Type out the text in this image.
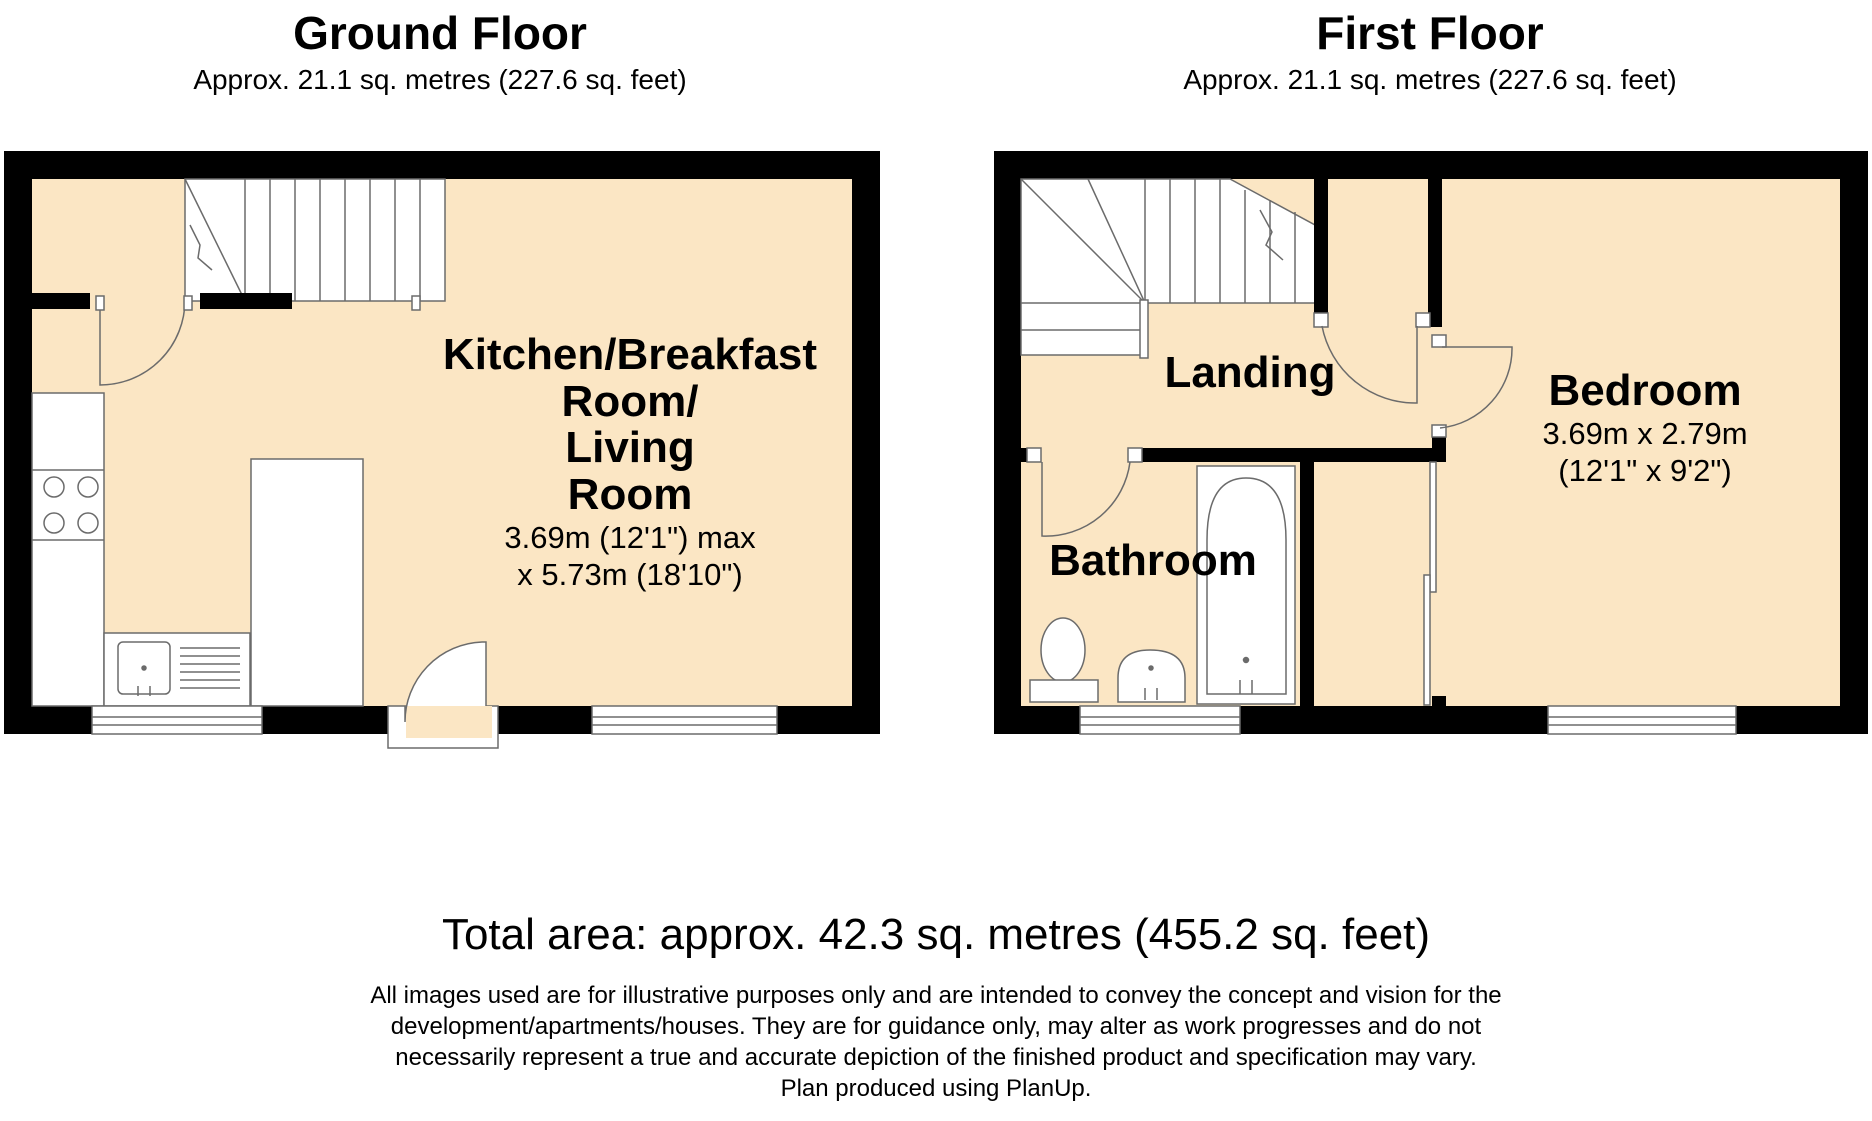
Ground Floor
Approx. 21.1 sq. metres (227.6 sq. feet)
First Floor
Approx. 21.1 sq. metres (227.6 sq. feet)
Kitchen/Breakfast
Room/
Living
Room
3.69m (12'1") max
x 5.73m (18'10")
Landing	Bedroom
3.69m x 2.79m
(12'1" x 9'2")
Bathroom
Total area: approx. 42.3 sq. metres (455.2 sq. feet)
All images used are for illustrative purposes only and are intended to convey the concept and vision for the
development/apartments/houses. They are for guidance only, may alter as work progresses and do not
necessarily represent a true and accurate depiction of the finished product and specification may vary.
Plan produced using PlanUp.
